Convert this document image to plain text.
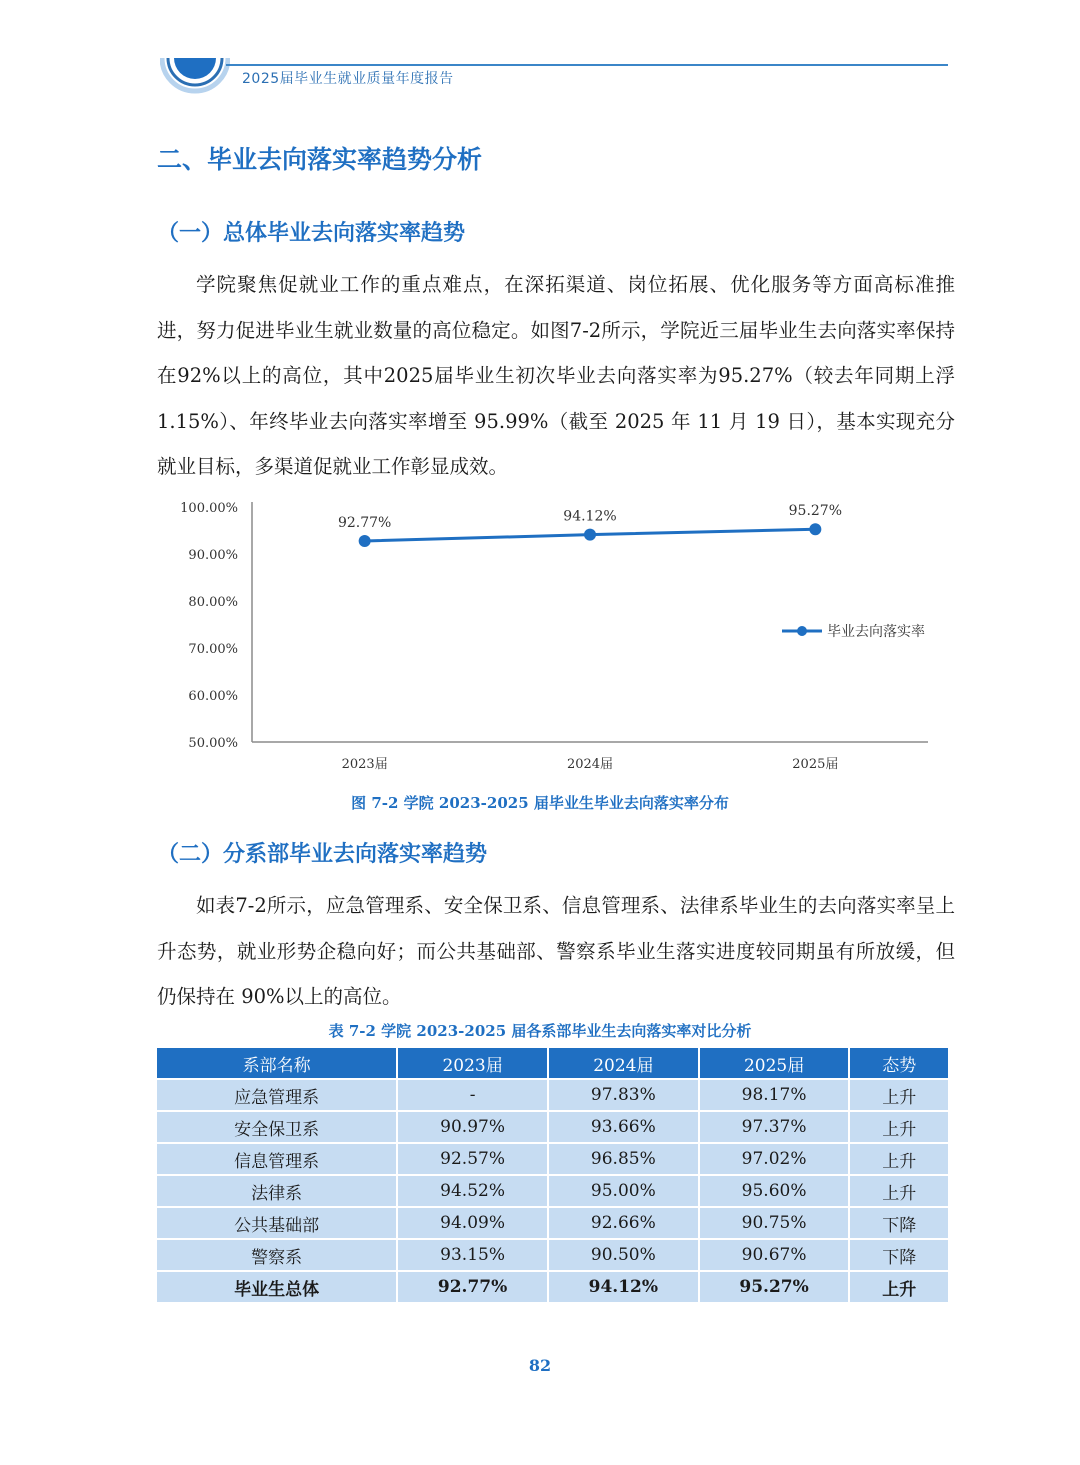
2025届毕业生就业质量年度报告
二、毕业去向落实率趋势分析
（一）总体毕业去向落实率趋势

学院聚焦促就业工作的重点难点，在深拓渠道、岗位拓展、优化服务等方面高标准推进，努力促进毕业生就业数量的高位稳定。如图7-2所示，学院近三届毕业生去向落实率保持在92%以上的高位，其中2025届毕业生初次毕业去向落实率为95.27%（较去年同期上浮 1.15%）、年终毕业去向落实率增至 95.99%（截至 2025 年 11 月 19 日），基本实现充分就业目标，多渠道促就业工作彰显成效。

50.00%
60.00%
70.00%
80.00%
90.00%
100.00%
2023届	2024届	2025届
92.77%	94.12%	95.27%
毕业去向落实率
图 7-2 学院 2023-2025 届毕业生毕业去向落实率分布
（二）分系部毕业去向落实率趋势

如表7-2所示，应急管理系、安全保卫系、信息管理系、法律系毕业生的去向落实率呈上升态势，就业形势企稳向好；而公共基础部、警察系毕业生落实进度较同期虽有所放缓，但仍保持在 90%以上的高位。

表 7-2 学院 2023-2025 届各系部毕业生去向落实率对比分析
系部名称	2023届	2024届	2025届	态势
应急管理系	-	97.83%	98.17%	上升
安全保卫系	90.97%	93.66%	97.37%	上升
信息管理系	92.57%	96.85%	97.02%	上升
法律系	94.52%	95.00%	95.60%	上升
公共基础部	94.09%	92.66%	90.75%	下降
警察系	93.15%	90.50%	90.67%	下降
毕业生总体	92.77%	94.12%	95.27%	上升
82
